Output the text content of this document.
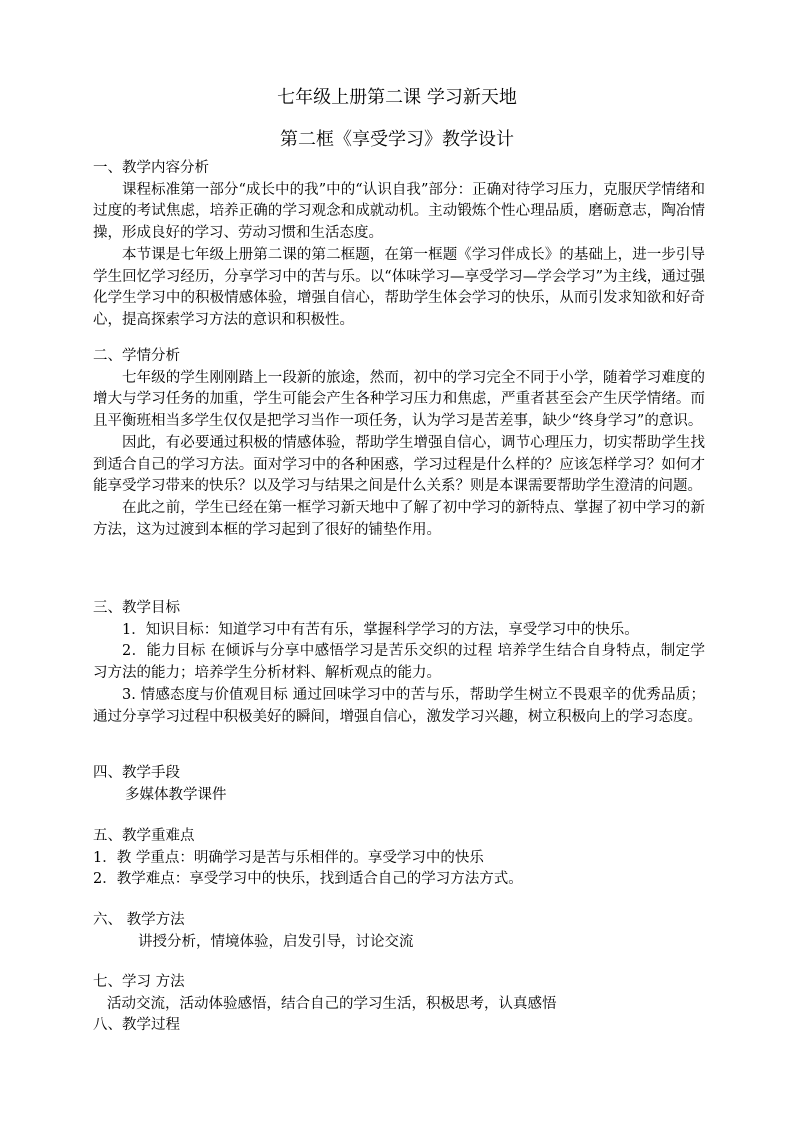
七年级上册第二课 学习新天地
第二框《享受学习》教学设计
一、教学内容分析

课程标准第一部分“成长中的我”中的“认识自我”部分：正确对待学习压力，克服厌学情绪和过度的考试焦虑，培养正确的学习观念和成就动机。主动锻炼个性心理品质，磨砺意志，陶冶情操，形成良好的学习、劳动习惯和生活态度。

本节课是七年级上册第二课的第二框题，在第一框题《学习伴成长》的基础上，进一步引导学生回忆学习经历，分享学习中的苦与乐。以“体味学习—享受学习—学会学习”为主线，通过强化学生学习中的积极情感体验，增强自信心，帮助学生体会学习的快乐，从而引发求知欲和好奇心，提高探索学习方法的意识和积极性。

二、学情分析

七年级的学生刚刚踏上一段新的旅途，然而，初中的学习完全不同于小学，随着学习难度的增大与学习任务的加重，学生可能会产生各种学习压力和焦虑，严重者甚至会产生厌学情绪。而且平衡班相当多学生仅仅是把学习当作一项任务，认为学习是苦差事，缺少“终身学习”的意识。

因此，有必要通过积极的情感体验，帮助学生增强自信心，调节心理压力，切实帮助学生找到适合自己的学习方法。面对学习中的各种困惑，学习过程是什么样的？应该怎样学习？如何才能享受学习带来的快乐？以及学习与结果之间是什么关系？则是本课需要帮助学生澄清的问题。

在此之前，学生已经在第一框学习新天地中了解了初中学习的新特点、掌握了初中学习的新方法，这为过渡到本框的学习起到了很好的铺垫作用。

三、教学目标

1．知识目标：知道学习中有苦有乐，掌握科学学习的方法，享受学习中的快乐。

2．能力目标 在倾诉与分享中感悟学习是苦乐交织的过程 培养学生结合自身特点，制定学习方法的能力；培养学生分析材料、解析观点的能力。

3. 情感态度与价值观目标 通过回味学习中的苦与乐，帮助学生树立不畏艰辛的优秀品质；通过分享学习过程中积极美好的瞬间，增强自信心，激发学习兴趣，树立积极向上的学习态度。

四、教学手段
多媒体教学课件
五、教学重难点
1．教 学重点：明确学习是苦与乐相伴的。享受学习中的快乐
2．教学难点：享受学习中的快乐，找到适合自己的学习方法方式。
六、 教学方法
讲授分析，情境体验，启发引导，讨论交流
七、学习 方法
活动交流，活动体验感悟，结合自己的学习生活，积极思考，认真感悟
八、教学过程
